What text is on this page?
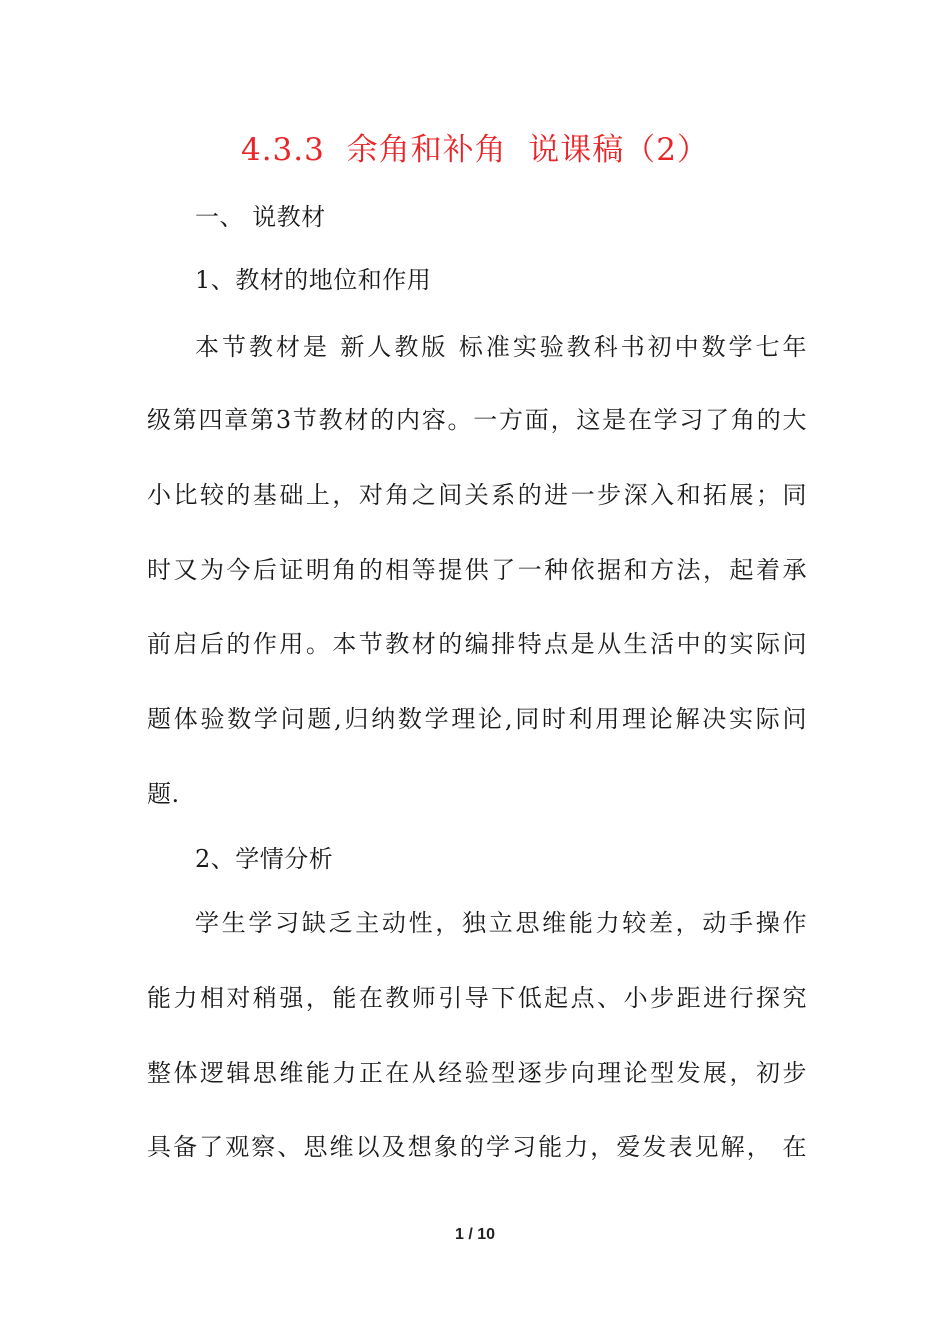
4.3.3  余角和补角  说课稿（2）
一、 说教材
1、教材的地位和作用
本节教材是 新人教版 标准实验教科书初中数学七年
级第四章第3节教材的内容。一方面，这是在学习了角的大
小比较的基础上，对角之间关系的进一步深入和拓展；同
时又为今后证明角的相等提供了一种依据和方法，起着承
前启后的作用。本节教材的编排特点是从生活中的实际问
题体验数学问题,归纳数学理论,同时利用理论解决实际问
题.
2、学情分析
学生学习缺乏主动性，独立思维能力较差，动手操作
能力相对稍强，能在教师引导下低起点、小步距进行探究
整体逻辑思维能力正在从经验型逐步向理论型发展，初步
具备了观察、思维以及想象的学习能力，爱发表见解， 在
1 / 10
